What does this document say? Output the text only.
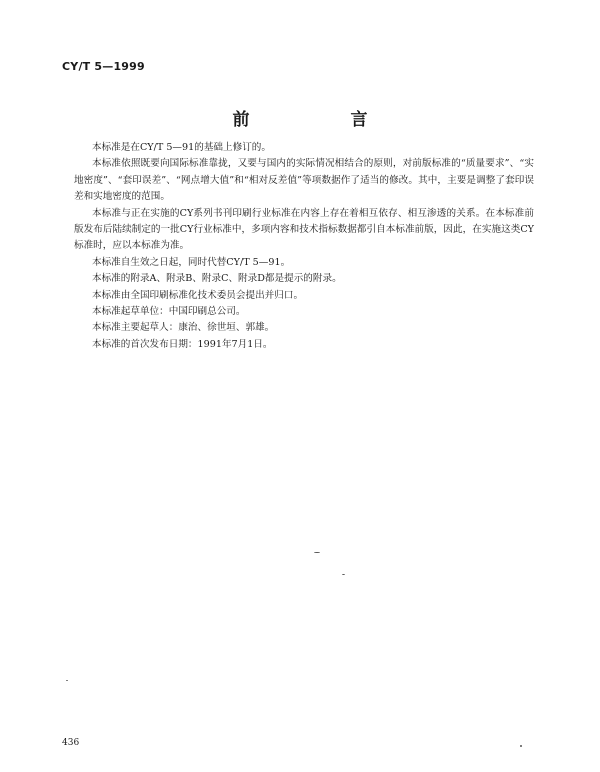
CY/T 5—1999
前　言

本标准是在CY/T 5—91的基础上修订的。

本标准依照既要向国际标准靠拢，又要与国内的实际情况相结合的原则，对前版标准的“质量要求”、“实地密度”、“套印误差”、“网点增大值”和“相对反差值”等项数据作了适当的修改。其中，主要是调整了套印误差和实地密度的范围。

本标准与正在实施的CY系列书刊印刷行业标准在内容上存在着相互依存、相互渗透的关系。在本标准前版发布后陆续制定的一批CY行业标准中，多项内容和技术指标数据都引自本标准前版，因此，在实施这类CY标准时，应以本标准为准。

本标准自生效之日起，同时代替CY/T 5—91。

本标准的附录A、附录B、附录C、附录D都是提示的附录。

本标准由全国印刷标准化技术委员会提出并归口。

本标准起草单位：中国印刷总公司。

本标准主要起草人：康治、徐世垣、郭雄。

本标准的首次发布日期：1991年7月1日。

436
